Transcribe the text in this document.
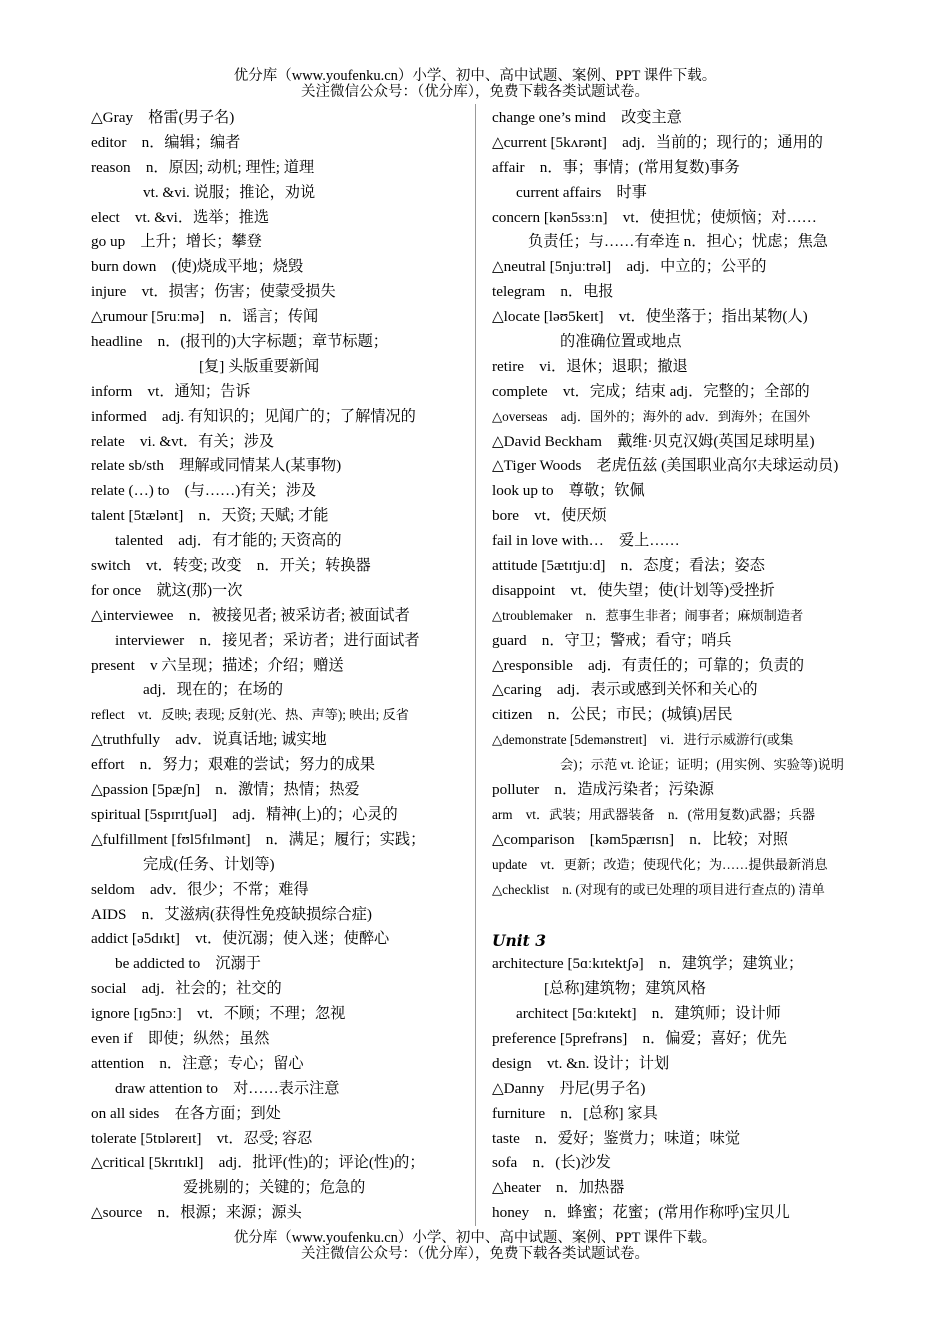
优分库（www.youfenku.cn）小学、初中、高中试题、案例、PPT 课件下载。
关注微信公众号：（优分库），免费下载各类试题试卷。
△Gray　格雷(男子名)
editor　n．编辑；编者
reason　n．原因; 动机; 理性; 道理
vt. &vi. 说服；推论，劝说
elect　vt. &vi．选举；推选
go up　上升；增长；攀登
burn down　(使)烧成平地；烧毁
injure　vt．损害；伤害；使蒙受损失
△rumour [5ruːmə]　n．谣言；传闻
headline　n．(报刊的)大字标题；章节标题；
[复] 头版重要新闻
inform　vt．通知；告诉
informed　adj. 有知识的；见闻广的；了解情况的
relate　vi. &vt．有关；涉及
relate sb/sth　理解或同情某人(某事物)
relate (…) to　(与……)有关；涉及
talent [5tælənt]　n．天资; 天赋; 才能
talented　adj．有才能的; 天资高的
switch　vt．转变; 改变　n．开关；转换器
for once　就这(那)一次
△interviewee　n．被接见者; 被采访者; 被面试者
interviewer　n．接见者；采访者；进行面试者
present　v 六呈现；描述；介绍；赠送
adj．现在的；在场的
reflect　vt．反映; 表现; 反射(光、热、声等); 映出; 反省
△truthfully　adv．说真话地; 诚实地
effort　n．努力；艰难的尝试；努力的成果
△passion [5pæʃn]　n．激情；热情；热爱
spiritual [5spɪrɪtʃuəl]　adj．精神(上)的；心灵的
△fulfillment [fʊl5fɪlmənt]　n．满足；履行；实践；
完成(任务、计划等)
seldom　adv．很少；不常；难得
AIDS　n．艾滋病(获得性免疫缺损综合症)
addict [ə5dɪkt]　vt．使沉溺；使入迷；使醉心
be addicted to　沉溺于
social　adj．社会的；社交的
ignore [ɪɡ5nɔː]　vt．不顾；不理；忽视
even if　即使；纵然；虽然
attention　n．注意；专心；留心
draw attention to　对……表示注意
on all sides　在各方面；到处
tolerate [5tɒləreɪt]　vt．忍受; 容忍
△critical [5krɪtɪkl]　adj．批评(性)的；评论(性)的；
爱挑剔的；关键的；危急的
△source　n．根源；来源；源头
change one’s mind　改变主意
△current [5kʌrənt]　adj．当前的；现行的；通用的
affair　n．事；事情；(常用复数)事务
current affairs　时事
concern [kən5sɜːn]　vt．使担忧；使烦恼；对……
负责任；与……有牵连 n．担心；忧虑；焦急
△neutral [5njuːtrəl]　adj．中立的；公平的
telegram　n．电报
△locate [ləʊ5keɪt]　vt．使坐落于；指出某物(人)
的准确位置或地点
retire　vi．退休；退职；撤退
complete　vt．完成；结束 adj．完整的；全部的
△overseas　adj．国外的；海外的 adv．到海外；在国外
△David Beckham　戴维·贝克汉姆(英国足球明星)
△Tiger Woods　老虎伍兹 (美国职业高尔夫球运动员)
look up to　尊敬；钦佩
bore　vt．使厌烦
fail in love with…　爱上……
attitude [5ætɪtjuːd]　n．态度；看法；姿态
disappoint　vt．使失望；使(计划等)受挫折
△troublemaker　n．惹事生非者；闹事者；麻烦制造者
guard　n．守卫；警戒；看守；哨兵
△responsible　adj．有责任的；可靠的；负责的
△caring　adj．表示或感到关怀和关心的
citizen　n．公民；市民；(城镇)居民
△demonstrate [5demənstreɪt]　vi．进行示威游行(或集
会)；示范 vt. 论证；证明；(用实例、实验等)说明
polluter　n．造成污染者；污染源
arm　vt．武装；用武器装备　n．(常用复数)武器；兵器
△comparison　[kəm5pærɪsn]　n．比较；对照
update　vt．更新；改造；使现代化；为……提供最新消息
△checklist　n. (对现有的或已处理的项目进行查点的) 清单
Unit 3
architecture [5ɑːkɪtektʃə]　n．建筑学；建筑业；
[总称]建筑物；建筑风格
architect [5ɑːkɪtekt]　n．建筑师；设计师
preference [5prefrəns]　n．偏爱；喜好；优先
design　vt. &n. 设计；计划
△Danny　丹尼(男子名)
furniture　n．[总称] 家具
taste　n．爱好；鉴赏力；味道；味觉
sofa　n．(长)沙发
△heater　n．加热器
honey　n．蜂蜜；花蜜；(常用作称呼)宝贝儿
优分库（www.youfenku.cn）小学、初中、高中试题、案例、PPT 课件下载。
关注微信公众号：（优分库），免费下载各类试题试卷。
